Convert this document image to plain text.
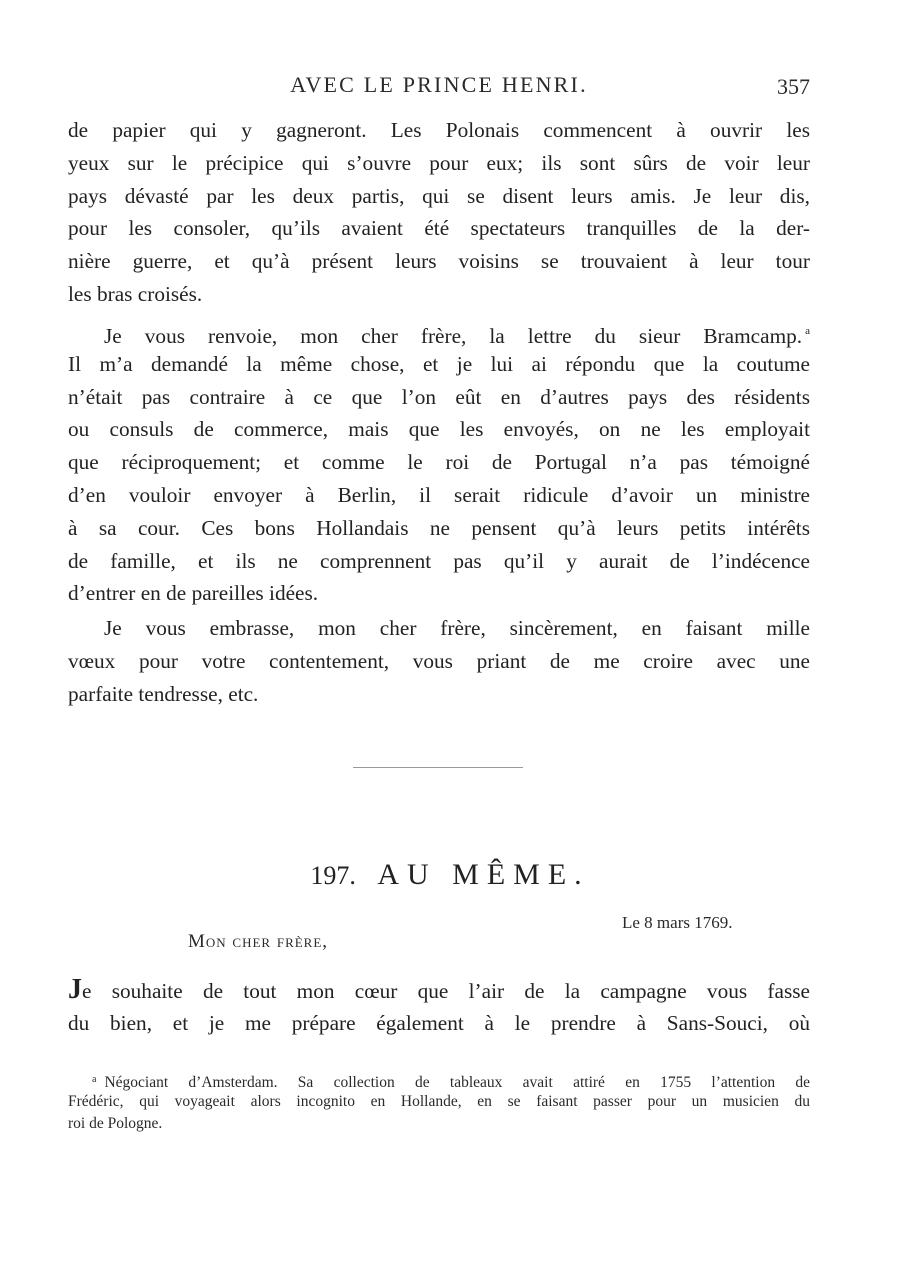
AVEC LE PRINCE HENRI.	357
de papier qui y gagneront. Les Polonais commencent à ouvrir les
yeux sur le précipice qui s’ouvre pour eux; ils sont sûrs de voir leur
pays dévasté par les deux partis, qui se disent leurs amis. Je leur dis,
pour les consoler, qu’ils avaient été spectateurs tranquilles de la der-
nière guerre, et qu’à présent leurs voisins se trouvaient à leur tour
les bras croisés.
Je vous renvoie, mon cher frère, la lettre du sieur Bramcamp. $^a$
Il m’a demandé la même chose, et je lui ai répondu que la coutume
n’était pas contraire à ce que l’on eût en d’autres pays des résidents
ou consuls de commerce, mais que les envoyés, on ne les employait
que réciproquement; et comme le roi de Portugal n’a pas témoigné
d’en vouloir envoyer à Berlin, il serait ridicule d’avoir un ministre
à sa cour. Ces bons Hollandais ne pensent qu’à leurs petits intérêts
de famille, et ils ne comprennent pas qu’il y aurait de l’indécence
d’entrer en de pareilles idées.
Je vous embrasse, mon cher frère, sincèrement, en faisant mille
vœux pour votre contentement, vous priant de me croire avec une
parfaite tendresse, etc.
197. AU MÊME.
Le 8 mars 1769.
Mon cher frère,
Je souhaite de tout mon cœur que l’air de la campagne vous fasse
du bien, et je me prépare également à le prendre à Sans-Souci, où
$^a$ Négociant d’Amsterdam. Sa collection de tableaux avait attiré en 1755 l’attention de
Frédéric, qui voyageait alors incognito en Hollande, en se faisant passer pour un musicien du
roi de Pologne.
